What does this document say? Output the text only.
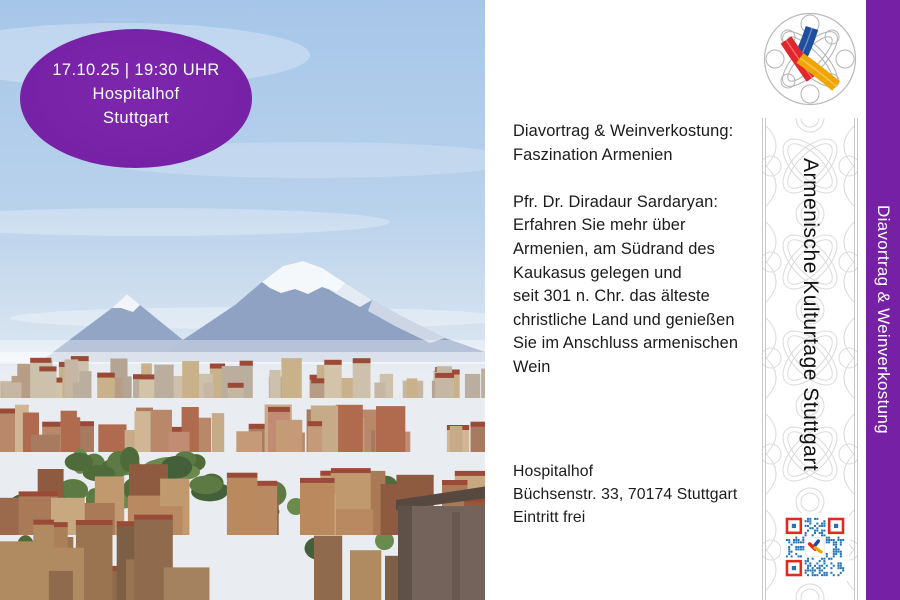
17.10.25 | 19:30 UHR
Hospitalhof
Stuttgart
Diavortrag & Weinverkostung:
Faszination Armenien
Pfr. Dr. Diradaur Sardaryan:
Erfahren Sie mehr über
Armenien, am Südrand des
Kaukasus gelegen und
seit 301 n. Chr. das älteste
christliche Land und genießen
Sie im Anschluss armenischen
Wein
Hospitalhof
Büchsenstr. 33, 70174 Stuttgart
Eintritt frei
Armenische Kulturtage Stuttgart	Diavortrag & Weinverkostung
